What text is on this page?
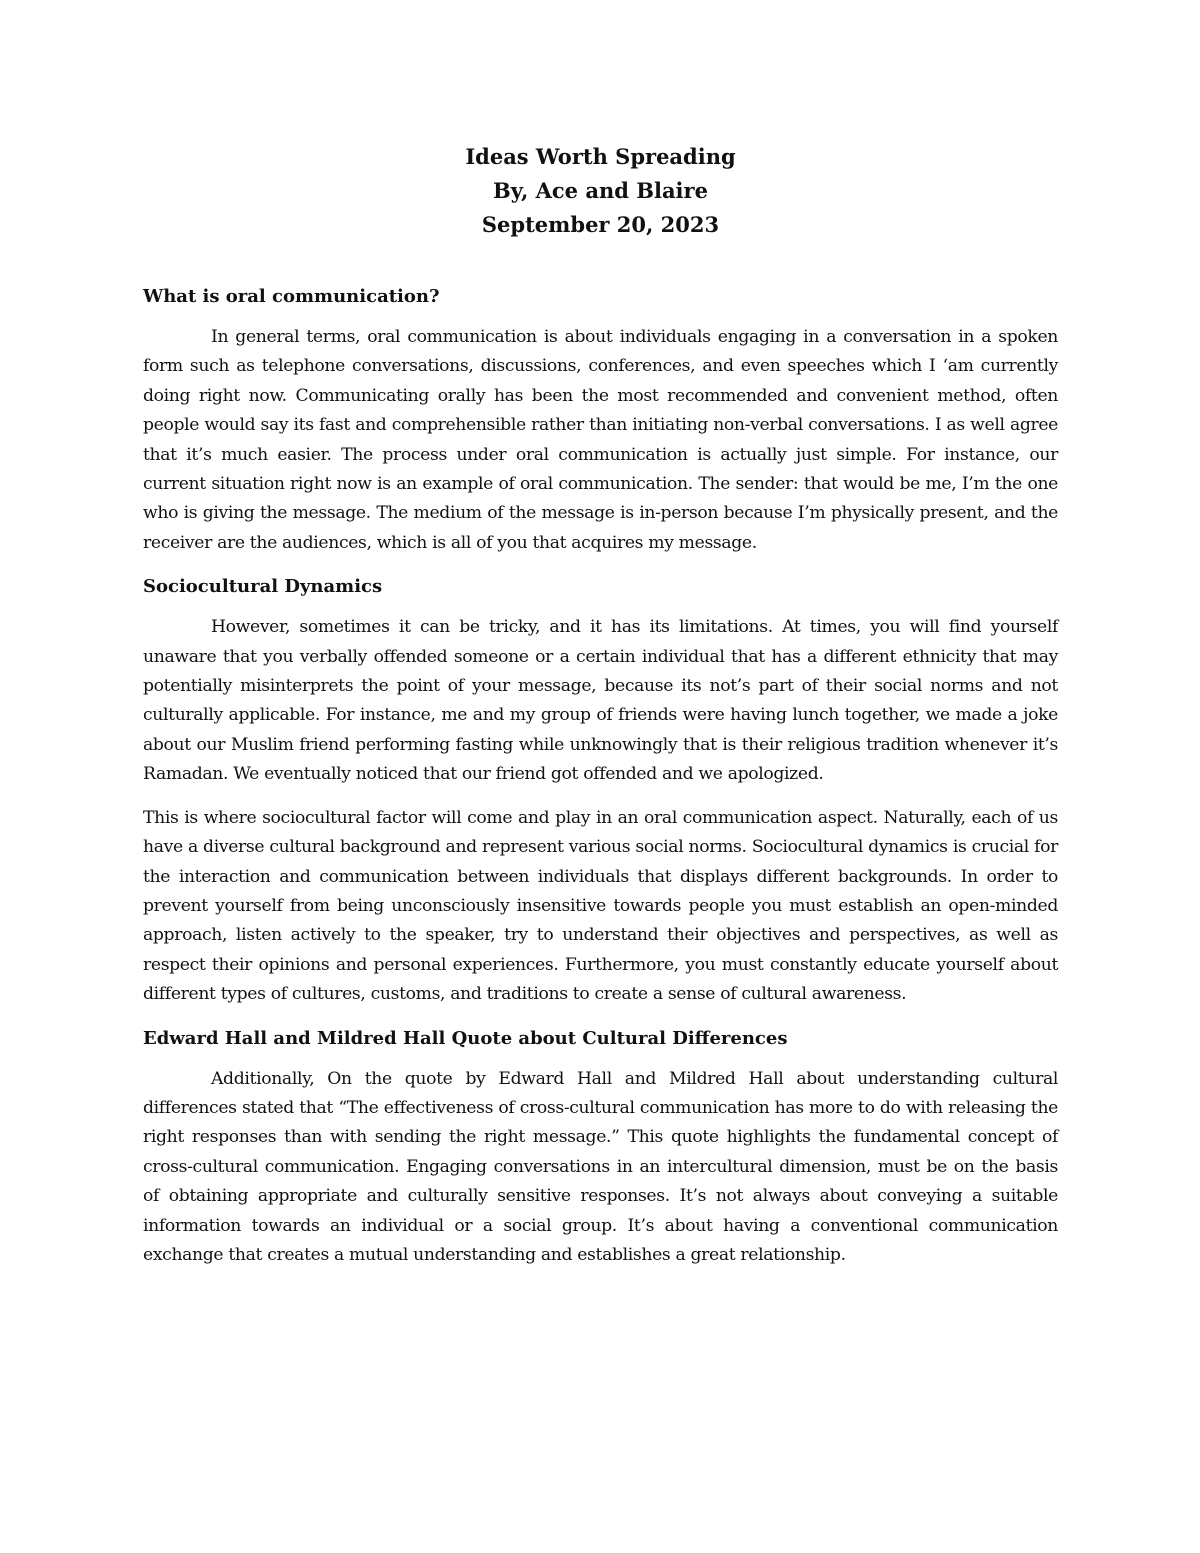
Ideas Worth Spreading
By, Ace and Blaire
September 20, 2023
What is oral communication?

In general terms, oral communication is about individuals engaging in a conversation in a spoken form such as telephone conversations, discussions, conferences, and even speeches which I ‘am currently doing right now. Communicating orally has been the most recommended and convenient method, often people would say its fast and comprehensible rather than initiating non-verbal conversations. I as well agree that it’s much easier. The process under oral communication is actually just simple. For instance, our current situation right now is an example of oral communication. The sender: that would be me, I’m the one who is giving the message. The medium of the message is in-person because I’m physically present, and the receiver are the audiences, which is all of you that acquires my message.

Sociocultural Dynamics

However, sometimes it can be tricky, and it has its limitations. At times, you will find yourself unaware that you verbally offended someone or a certain individual that has a different ethnicity that may potentially misinterprets the point of your message, because its not’s part of their social norms and not culturally applicable. For instance, me and my group of friends were having lunch together, we made a joke about our Muslim friend performing fasting while unknowingly that is their religious tradition whenever it’s Ramadan. We eventually noticed that our friend got offended and we apologized.

This is where sociocultural factor will come and play in an oral communication aspect. Naturally, each of us have a diverse cultural background and represent various social norms. Sociocultural dynamics is crucial for the interaction and communication between individuals that displays different backgrounds. In order to prevent yourself from being unconsciously insensitive towards people you must establish an open-minded approach, listen actively to the speaker, try to understand their objectives and perspectives, as well as respect their opinions and personal experiences. Furthermore, you must constantly educate yourself about different types of cultures, customs, and traditions to create a sense of cultural awareness.

Edward Hall and Mildred Hall Quote about Cultural Differences

Additionally, On the quote by Edward Hall and Mildred Hall about understanding cultural differences stated that “The effectiveness of cross-cultural communication has more to do with releasing the right responses than with sending the right message.” This quote highlights the fundamental concept of cross-cultural communication. Engaging conversations in an intercultural dimension, must be on the basis of obtaining appropriate and culturally sensitive responses. It’s not always about conveying a suitable information towards an individual or a social group. It’s about having a conventional communication exchange that creates a mutual understanding and establishes a great relationship.
